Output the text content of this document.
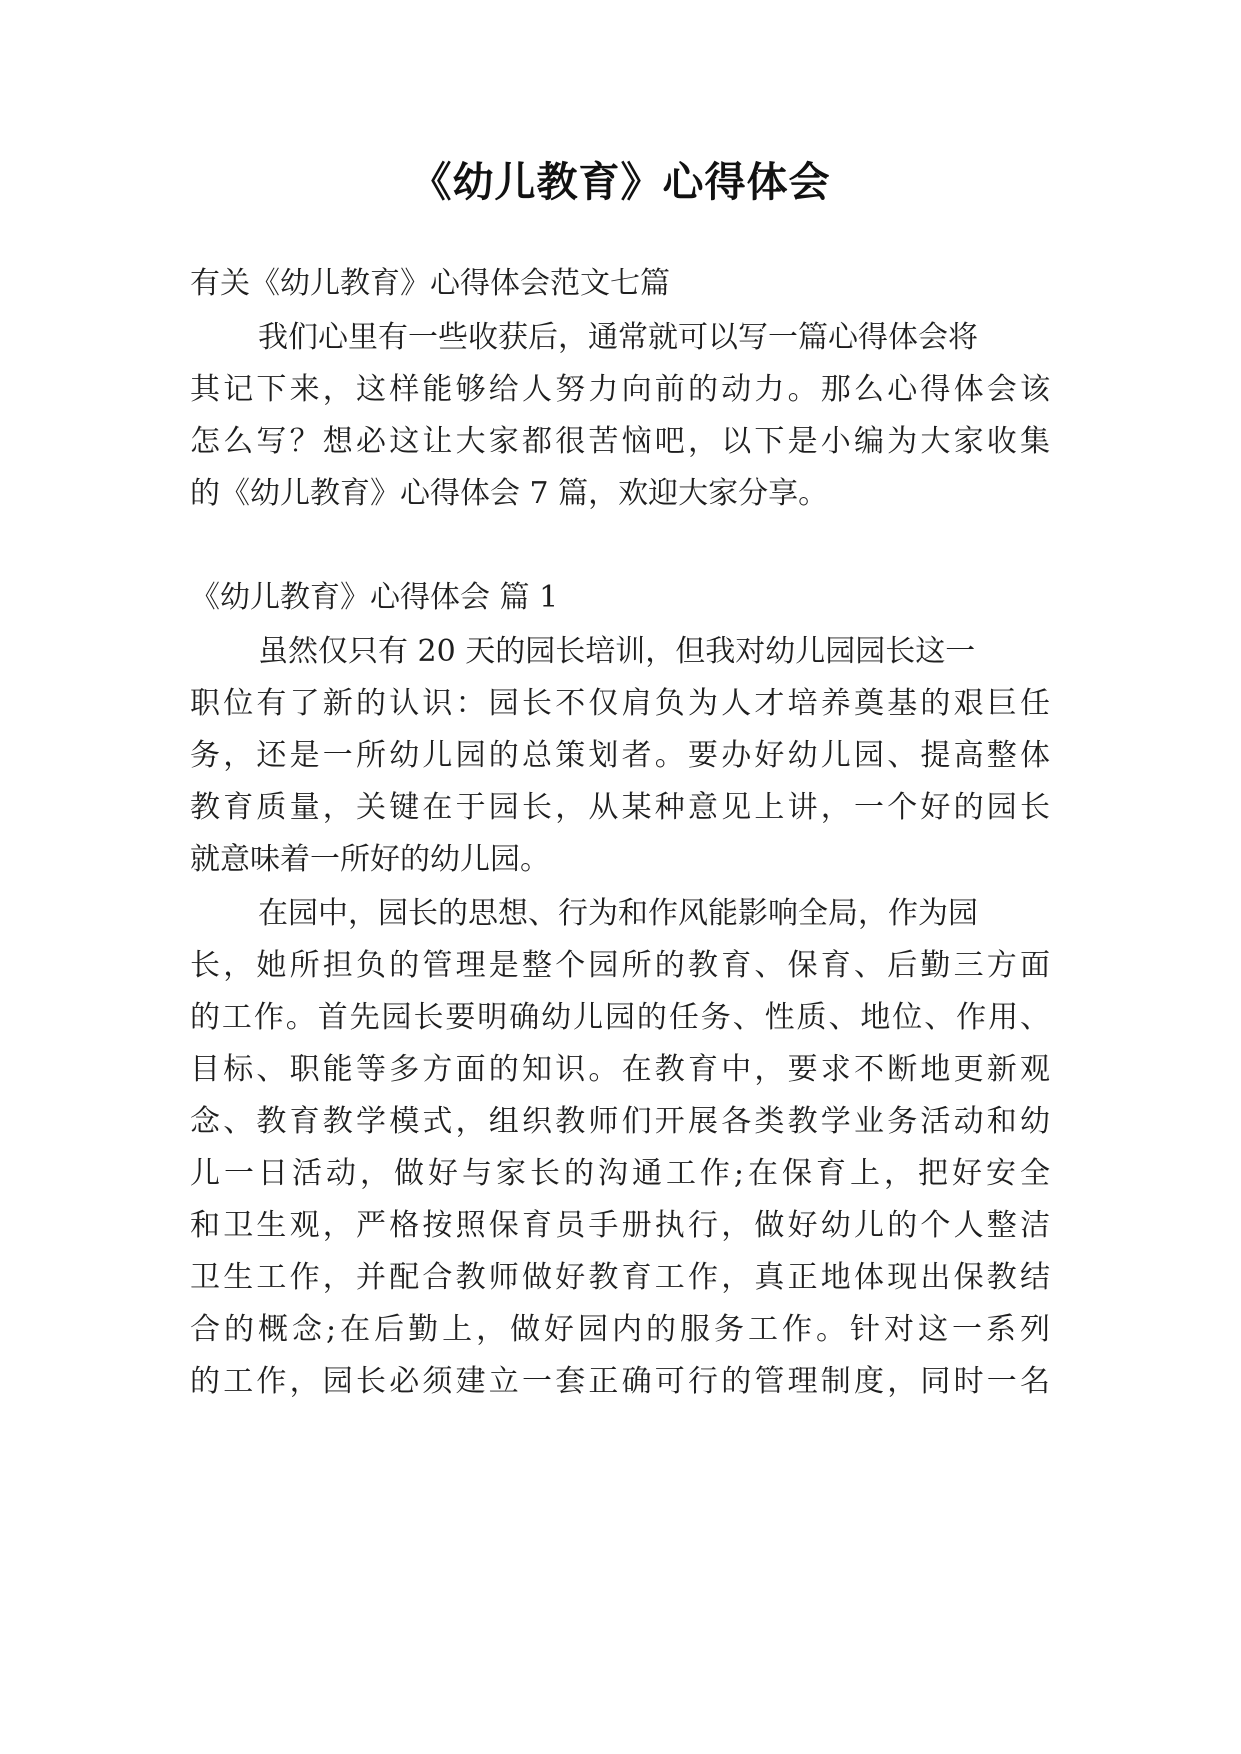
《幼儿教育》心得体会
有关《幼儿教育》心得体会范文七篇
我们心里有一些收获后，通常就可以写一篇心得体会将
其记下来，这样能够给人努力向前的动力。那么心得体会该
怎么写？想必这让大家都很苦恼吧，以下是小编为大家收集
的《幼儿教育》心得体会 7 篇，欢迎大家分享。
《幼儿教育》心得体会 篇 1
虽然仅只有 20 天的园长培训，但我对幼儿园园长这一
职位有了新的认识：园长不仅肩负为人才培养奠基的艰巨任
务，还是一所幼儿园的总策划者。要办好幼儿园、提高整体
教育质量，关键在于园长，从某种意见上讲，一个好的园长
就意味着一所好的幼儿园。
在园中，园长的思想、行为和作风能影响全局，作为园
长，她所担负的管理是整个园所的教育、保育、后勤三方面
的工作。首先园长要明确幼儿园的任务、性质、地位、作用、
目标、职能等多方面的知识。在教育中，要求不断地更新观
念、教育教学模式，组织教师们开展各类教学业务活动和幼
儿一日活动，做好与家长的沟通工作;在保育上，把好安全
和卫生观，严格按照保育员手册执行，做好幼儿的个人整洁
卫生工作，并配合教师做好教育工作，真正地体现出保教结
合的概念;在后勤上，做好园内的服务工作。针对这一系列
的工作，园长必须建立一套正确可行的管理制度，同时一名
